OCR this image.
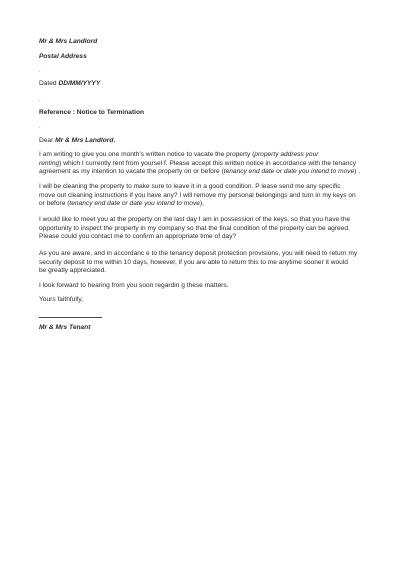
Mr & Mrs Landlord
Postal Address
.
Dated DD/MM/YYYY
.
Reference : Notice to Termination
.
Dear Mr & Mrs Landlord,
I am writing to give you one month's written notice to vacate the property (property address your
renting) which I currently rent from yoursel f. Please accept this written notice in accordance with the tenancy
agreement as my intention to vacate the property on or before (tenancy end date or date you intend to move) .
I will be cleaning the property to make sure to leave it in a good condition. P lease send me any specific
move out cleaning instructions if you have any? I will remove my personal belongings and turn in my keys on
or before (tenancy end date or date you intend to move).
I would like to meet you at the property on the last day I am in possession of the keys, so that you have the
opportunity to inspect the property in my company so that the final condition of the property can be agreed.
Please could you contact me to confirm an appropriate time of day?
As you are aware, and in accordanc e to the tenancy deposit protection provisions, you will need to return my
security deposit to me within 10 days, however, if you are able to return this to me anytime sooner it would
be greatly appreciated.
I look forward to hearing from you soon regardin g these matters.
Yours faithfully,
Mr & Mrs Tenant
